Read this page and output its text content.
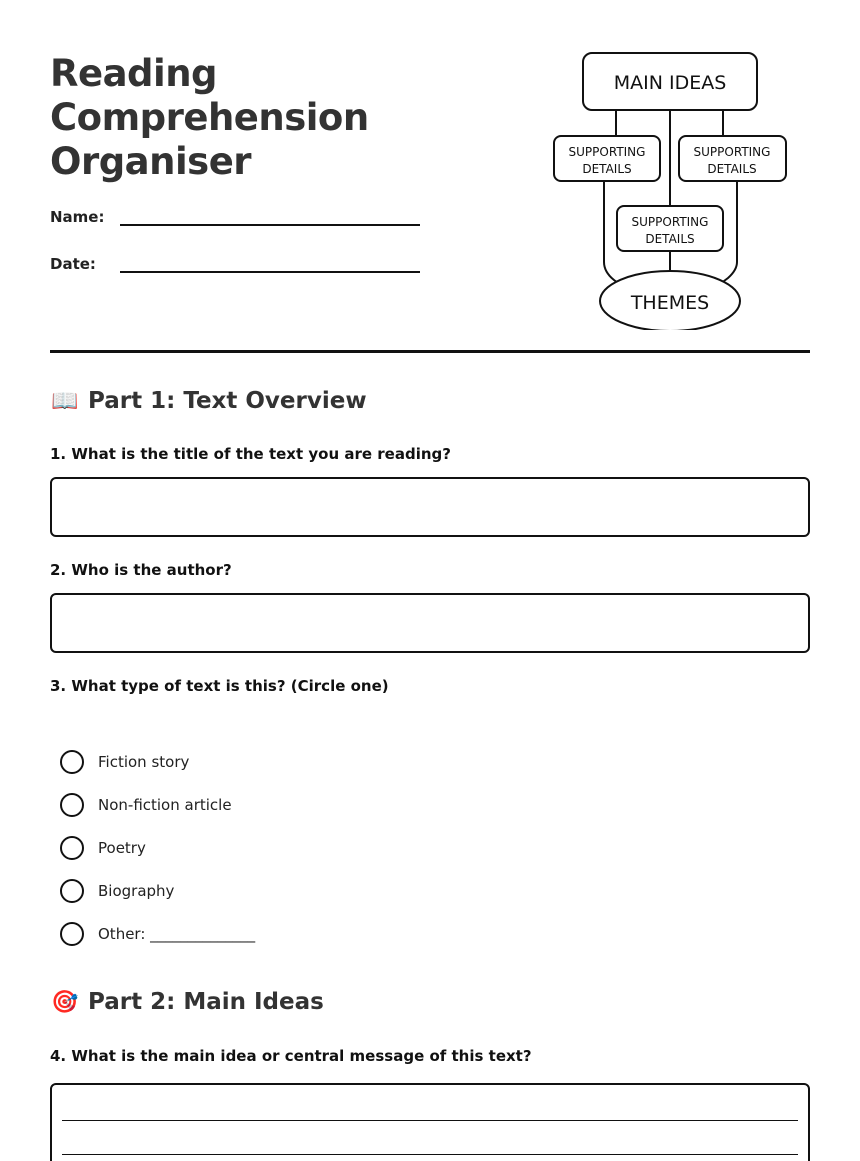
Reading
Comprehension
Organiser
Name:
Date:
MAIN IDEAS
SUPPORTING
DETAILS
SUPPORTING
DETAILS
SUPPORTING
DETAILS
THEMES
📖 Part 1: Text Overview
1. What is the title of the text you are reading?
2. Who is the author?
3. What type of text is this? (Circle one)
Fiction story
Non-fiction article
Poetry
Biography
Other: ______________
🎯 Part 2: Main Ideas
4. What is the main idea or central message of this text?
